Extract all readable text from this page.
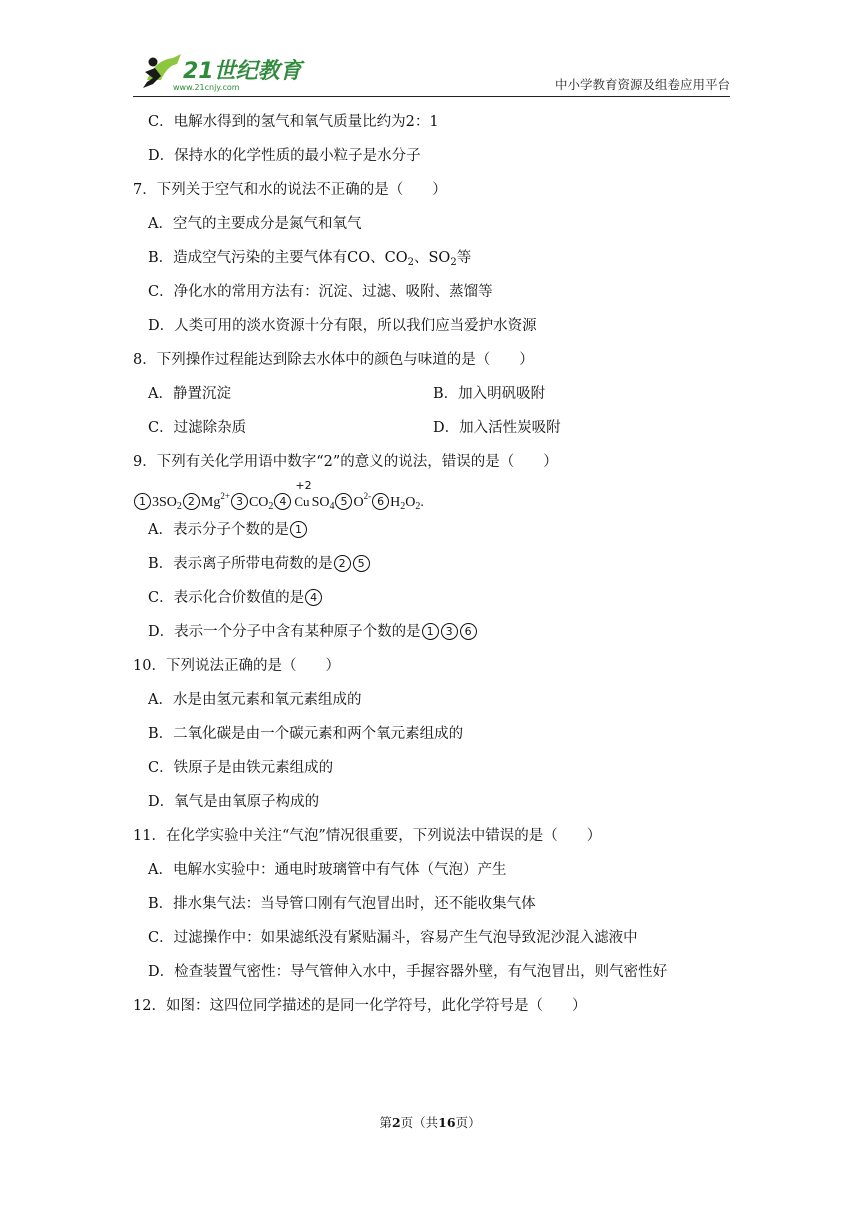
21世纪教育
www.21cnjy.com	中小学教育资源及组卷应用平台
C．电解水得到的氢气和氧气质量比约为2：1
D．保持水的化学性质的最小粒子是水分子
7．下列关于空气和水的说法不正确的是（　　）
A．空气的主要成分是氮气和氧气
B．造成空气污染的主要气体有CO、$CO_2$、$SO_2$等
C．净化水的常用方法有：沉淀、过滤、吸附、蒸馏等
D．人类可用的淡水资源十分有限，所以我们应当爱护水资源
8．下列操作过程能达到除去水体中的颜色与味道的是（　　）
A．静置沉淀	B．加入明矾吸附
C．过滤除杂质	D．加入活性炭吸附
9．下列有关化学用语中数字“2”的意义的说法，错误的是（　　）
1 $3SO_2$ 2 $Mg^{2+}$ 3 $CO_2$ 4
+2
Cu $SO_4$ 5 $O^{2-}$ 6 $H_2O_2$.
A．表示分子个数的是 1
B．表示离子所带电荷数的是 2 5
C．表示化合价数值的是 4
D．表示一个分子中含有某种原子个数的是 1 3 6
10．下列说法正确的是（　　）
A．水是由氢元素和氧元素组成的
B．二氧化碳是由一个碳元素和两个氧元素组成的
C．铁原子是由铁元素组成的
D．氧气是由氧原子构成的
11．在化学实验中关注“气泡”情况很重要，下列说法中错误的是（　　）
A．电解水实验中：通电时玻璃管中有气体（气泡）产生
B．排水集气法：当导管口刚有气泡冒出时，还不能收集气体
C．过滤操作中：如果滤纸没有紧贴漏斗，容易产生气泡导致泥沙混入滤液中
D．检查装置气密性：导气管伸入水中，手握容器外壁，有气泡冒出，则气密性好
12．如图：这四位同学描述的是同一化学符号，此化学符号是（　　）
第2页（共16页）
